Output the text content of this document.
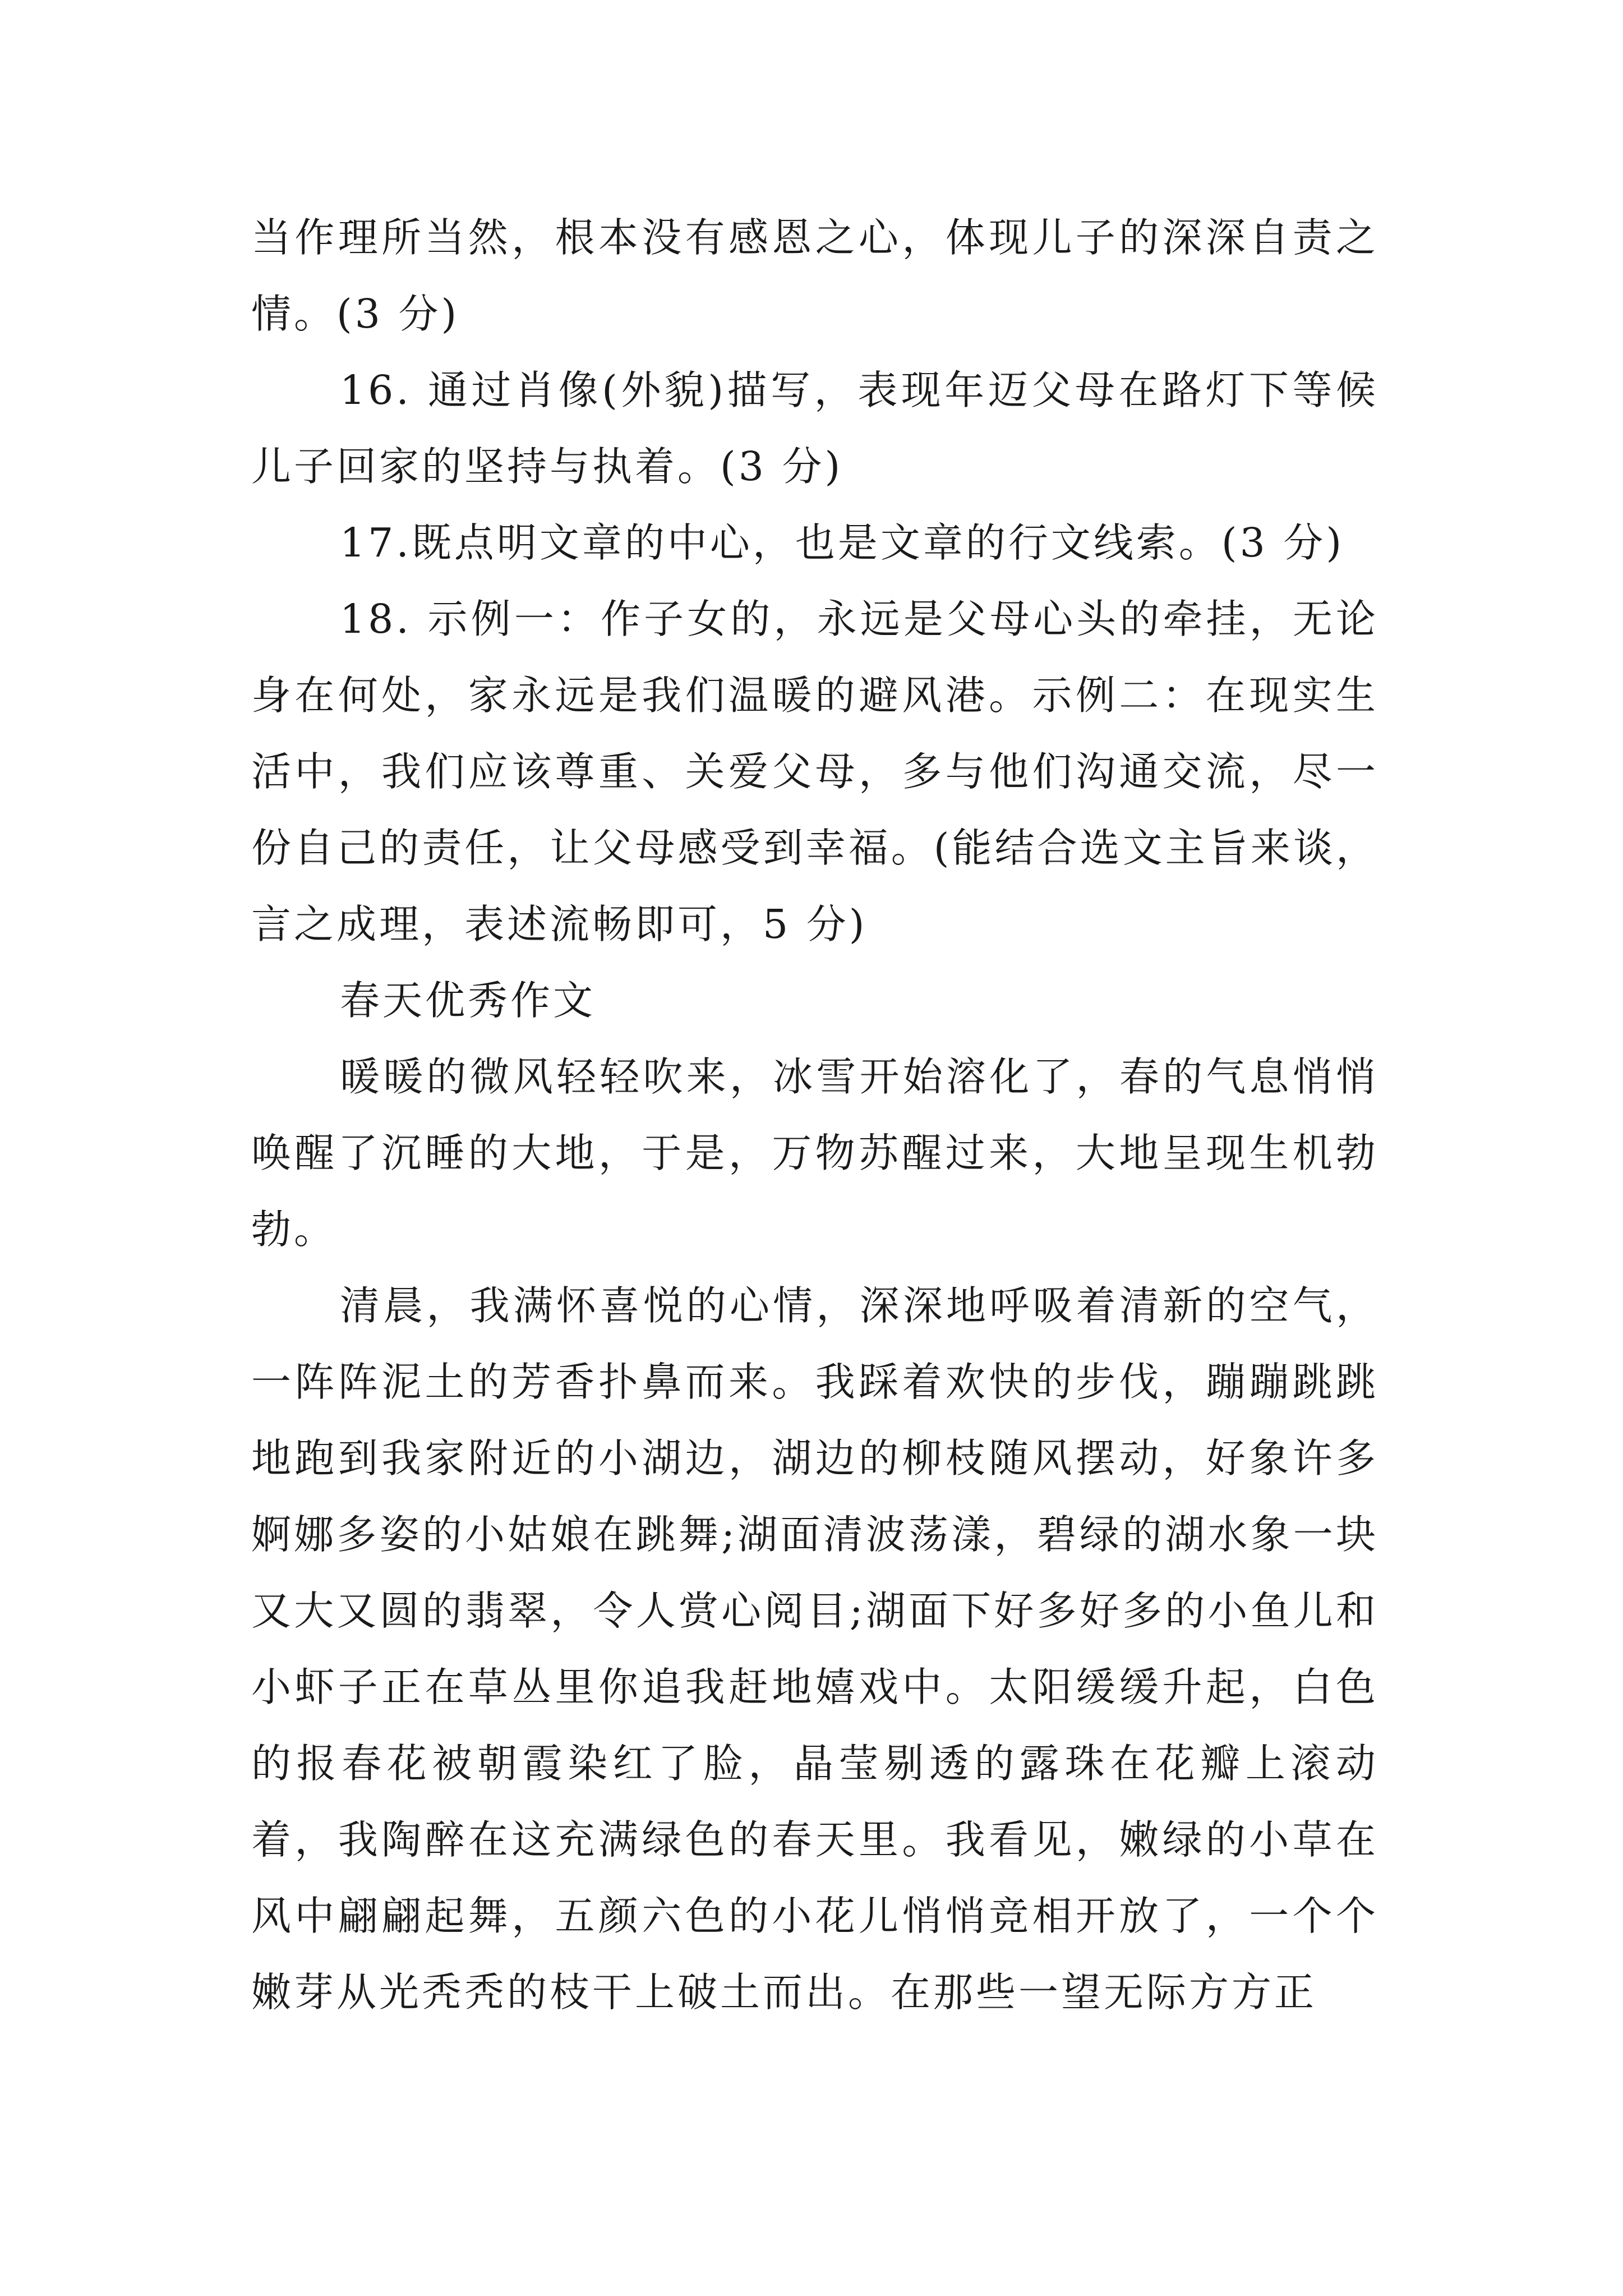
当作理所当然，根本没有感恩之心，体现儿子的深深自责之情。(3 分)

16. 通过肖像(外貌)描写，表现年迈父母在路灯下等候儿子回家的坚持与执着。(3 分)

17.既点明文章的中心，也是文章的行文线索。(3 分)

18. 示例一：作子女的，永远是父母心头的牵挂，无论身在何处，家永远是我们温暖的避风港。示例二：在现实生活中，我们应该尊重、关爱父母，多与他们沟通交流，尽一份自己的责任，让父母感受到幸福。(能结合选文主旨来谈，言之成理，表述流畅即可，5 分)

春天优秀作文

暖暖的微风轻轻吹来，冰雪开始溶化了，春的气息悄悄唤醒了沉睡的大地，于是，万物苏醒过来，大地呈现生机勃勃。

清晨，我满怀喜悦的心情，深深地呼吸着清新的空气，一阵阵泥土的芳香扑鼻而来。我踩着欢快的步伐，蹦蹦跳跳地跑到我家附近的小湖边，湖边的柳枝随风摆动，好象许多婀娜多姿的小姑娘在跳舞;湖面清波荡漾，碧绿的湖水象一块又大又圆的翡翠，令人赏心阅目;湖面下好多好多的小鱼儿和小虾子正在草丛里你追我赶地嬉戏中。太阳缓缓升起，白色的报春花被朝霞染红了脸，晶莹剔透的露珠在花瓣上滚动着，我陶醉在这充满绿色的春天里。我看见，嫩绿的小草在风中翩翩起舞，五颜六色的小花儿悄悄竞相开放了，一个个嫩芽从光秃秃的枝干上破土而出。在那些一望无际方方正
